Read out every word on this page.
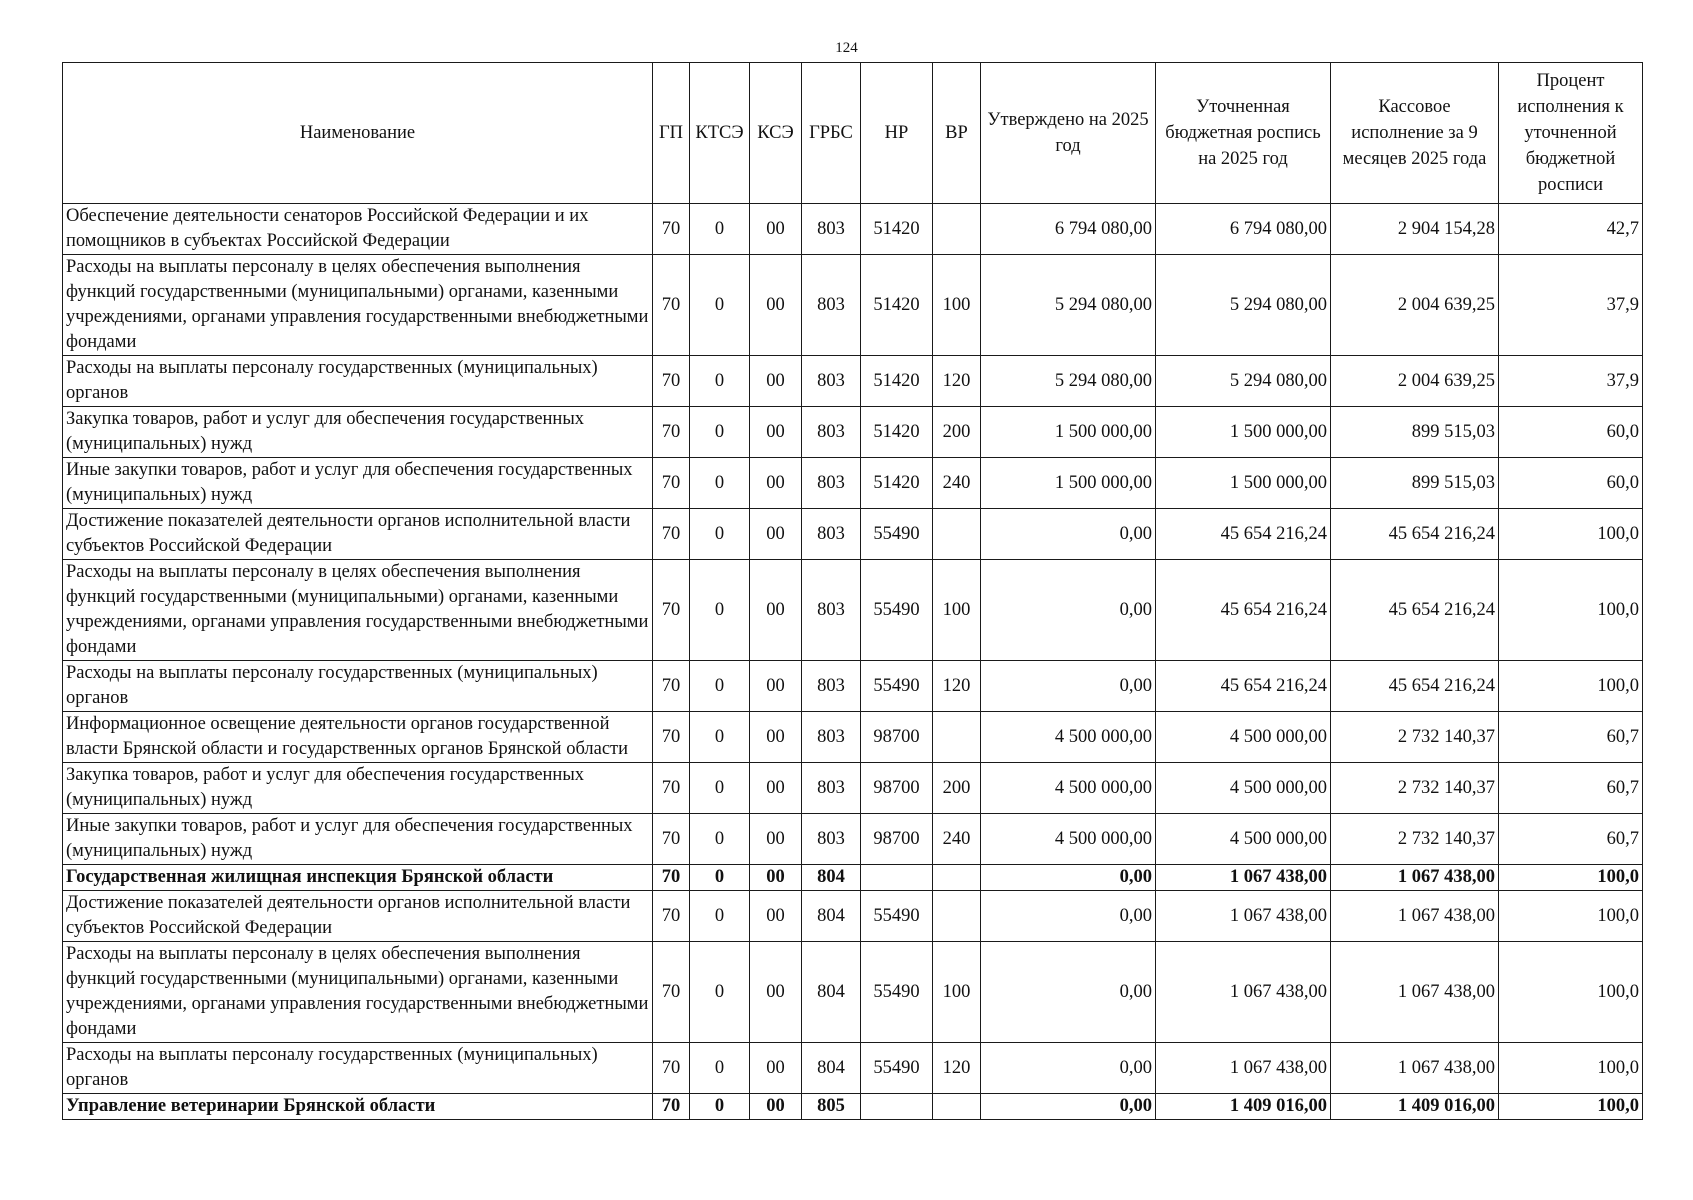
124
Наименование	ГП	КТСЭ	КСЭ	ГРБС	НР	ВР	Утверждено на 2025 год	Уточненная бюджетная роспись на 2025 год	Кассовое исполнение за 9 месяцев 2025 года	Процент исполнения к уточненной бюджетной росписи
Обеспечение деятельности сенаторов Российской Федерации и их помощников в субъектах Российской Федерации	70	0	00	803	51420		6 794 080,00	6 794 080,00	2 904 154,28	42,7
Расходы на выплаты персоналу в целях обеспечения выполнения функций государственными (муниципальными) органами, казенными учреждениями, органами управления государственными внебюджетными фондами	70	0	00	803	51420	100	5 294 080,00	5 294 080,00	2 004 639,25	37,9
Расходы на выплаты персоналу государственных (муниципальных) органов	70	0	00	803	51420	120	5 294 080,00	5 294 080,00	2 004 639,25	37,9
Закупка товаров, работ и услуг для обеспечения государственных (муниципальных) нужд	70	0	00	803	51420	200	1 500 000,00	1 500 000,00	899 515,03	60,0
Иные закупки товаров, работ и услуг для обеспечения государственных (муниципальных) нужд	70	0	00	803	51420	240	1 500 000,00	1 500 000,00	899 515,03	60,0
Достижение показателей деятельности органов исполнительной власти субъектов Российской Федерации	70	0	00	803	55490		0,00	45 654 216,24	45 654 216,24	100,0
Расходы на выплаты персоналу в целях обеспечения выполнения функций государственными (муниципальными) органами, казенными учреждениями, органами управления государственными внебюджетными фондами	70	0	00	803	55490	100	0,00	45 654 216,24	45 654 216,24	100,0
Расходы на выплаты персоналу государственных (муниципальных) органов	70	0	00	803	55490	120	0,00	45 654 216,24	45 654 216,24	100,0
Информационное освещение деятельности органов государственной власти Брянской области и государственных органов Брянской области	70	0	00	803	98700		4 500 000,00	4 500 000,00	2 732 140,37	60,7
Закупка товаров, работ и услуг для обеспечения государственных (муниципальных) нужд	70	0	00	803	98700	200	4 500 000,00	4 500 000,00	2 732 140,37	60,7
Иные закупки товаров, работ и услуг для обеспечения государственных (муниципальных) нужд	70	0	00	803	98700	240	4 500 000,00	4 500 000,00	2 732 140,37	60,7
Государственная жилищная инспекция Брянской области	70	0	00	804			0,00	1 067 438,00	1 067 438,00	100,0
Достижение показателей деятельности органов исполнительной власти субъектов Российской Федерации	70	0	00	804	55490		0,00	1 067 438,00	1 067 438,00	100,0
Расходы на выплаты персоналу в целях обеспечения выполнения функций государственными (муниципальными) органами, казенными учреждениями, органами управления государственными внебюджетными фондами	70	0	00	804	55490	100	0,00	1 067 438,00	1 067 438,00	100,0
Расходы на выплаты персоналу государственных (муниципальных) органов	70	0	00	804	55490	120	0,00	1 067 438,00	1 067 438,00	100,0
Управление ветеринарии Брянской области	70	0	00	805			0,00	1 409 016,00	1 409 016,00	100,0
